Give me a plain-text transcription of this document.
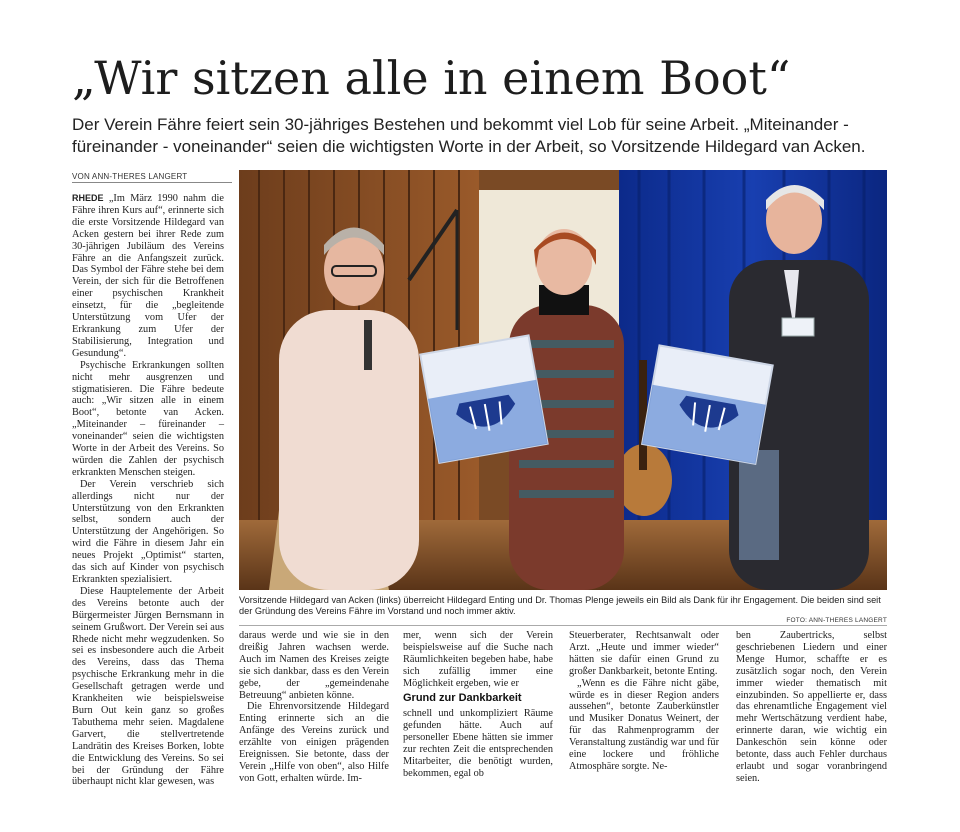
„Wir sitzen alle in einem Boot“

Der Verein Fähre feiert sein 30-jähriges Bestehen und bekommt viel Lob für seine Arbeit. „Miteinander - füreinander - voneinander“ seien die wichtigsten Worte in der Arbeit, so Vorsitzende Hildegard van Acken.

VON ANN-THERES LANGERT

RHEDE „Im März 1990 nahm die Fähre ihren Kurs auf“, erinnerte sich die erste Vorsitzende Hildegard van Acken gestern bei ihrer Rede zum 30-jährigen Jubiläum des Vereins Fähre an die Anfangszeit zurück. Das Symbol der Fähre stehe bei dem Verein, der sich für die Betroffenen einer psychischen Krankheit einsetzt, für die „begleitende Unterstützung vom Ufer der Erkrankung zum Ufer der Stabilisierung, Integration und Gesundung“.

Psychische Erkrankungen sollten nicht mehr ausgrenzen und stigmatisieren. Die Fähre bedeute auch: „Wir sitzen alle in einem Boot“, betonte van Acken. „Miteinander – füreinander – voneinander“ seien die wichtigsten Worte in der Arbeit des Vereins. So würden die Zahlen der psychisch erkrankten Menschen steigen.

Der Verein verschrieb sich allerdings nicht nur der Unterstützung von den Erkrankten selbst, sondern auch der Unterstützung der Angehörigen. So wird die Fähre in diesem Jahr ein neues Projekt „Optimist“ starten, das sich auf Kinder von psychisch Erkrankten spezialisiert.

Diese Hauptelemente der Arbeit des Vereins betonte auch der Bürgermeister Jürgen Bernsmann in seinem Grußwort. Der Verein sei aus Rhede nicht mehr wegzudenken. So sei es insbesondere auch die Arbeit des Vereins, dass das Thema psychische Erkrankung mehr in die Gesellschaft getragen werde und Krankheiten wie beispielsweise Burn Out kein ganz so großes Tabuthema mehr seien. Magdalene Garvert, die stellvertretende Landrätin des Kreises Borken, lobte die Entwicklung des Vereins. So sei bei der Gründung der Fähre überhaupt nicht klar gewesen, was

Vorsitzende Hildegard van Acken (links) überreicht Hildegard Enting und Dr. Thomas Plenge jeweils ein Bild als Dank für ihr Engagement. Die beiden sind seit der Gründung des Vereins Fähre im Vorstand und noch immer aktiv.
FOTO: ANN-THERES LANGERT

daraus werde und wie sie in den dreißig Jahren wachsen werde. Auch im Namen des Kreises zeigte sie sich dankbar, dass es den Verein gebe, der „gemeindenahe Betreuung“ anbieten könne.

Die Ehrenvorsitzende Hildegard Enting erinnerte sich an die Anfänge des Vereins zurück und erzählte von einigen prägenden Ereignissen. Sie betonte, dass der Verein „Hilfe von oben“, also Hilfe von Gott, erhalten würde. Im-

mer, wenn sich der Verein beispielsweise auf die Suche nach Räumlichkeiten begeben habe, habe sich zufällig immer eine Möglichkeit ergeben, wie er

Grund zur Dankbarkeit

schnell und unkompliziert Räume gefunden hätte. Auch auf personeller Ebene hätten sie immer zur rechten Zeit die entsprechenden Mitarbeiter, die benötigt wurden, bekommen, egal ob

Steuerberater, Rechtsanwalt oder Arzt. „Heute und immer wieder“ hätten sie dafür einen Grund zu großer Dankbarkeit, betonte Enting.

„Wenn es die Fähre nicht gäbe, würde es in dieser Region anders aussehen“, betonte Zauberkünstler und Musiker Donatus Weinert, der für das Rahmenprogramm der Veranstaltung zuständig war und für eine lockere und fröhliche Atmosphäre sorgte. Ne-

ben Zaubertricks, selbst geschriebenen Liedern und einer Menge Humor, schaffte er es zusätzlich sogar noch, den Verein immer wieder thematisch mit einzubinden. So appellierte er, dass das ehrenamtliche Engagement viel mehr Wertschätzung verdient habe, erinnerte daran, wie wichtig ein Dankeschön sein könne oder betonte, dass auch Fehler durchaus erlaubt und sogar voranbringend seien.
